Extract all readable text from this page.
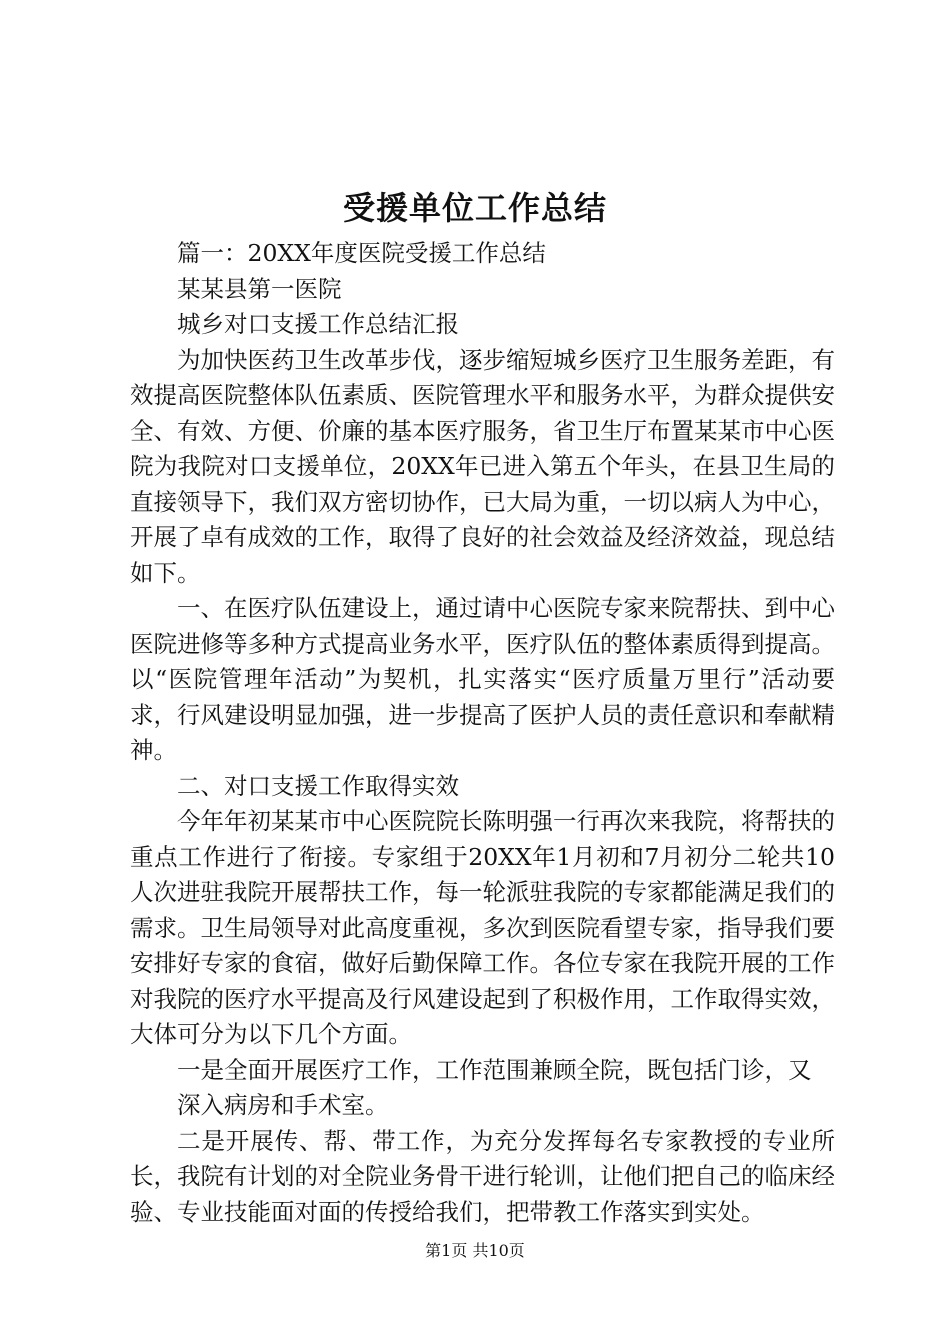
受援单位工作总结

篇一：20XX年度医院受援工作总结

某某县第一医院

城乡对口支援工作总结汇报

为加快医药卫生改革步伐，逐步缩短城乡医疗卫生服务差距，有效提高医院整体队伍素质、医院管理水平和服务水平，为群众提供安全、有效、方便、价廉的基本医疗服务，省卫生厅布置某某市中心医院为我院对口支援单位，20XX年已进入第五个年头，在县卫生局的直接领导下，我们双方密切协作，已大局为重，一切以病人为中心，开展了卓有成效的工作，取得了良好的社会效益及经济效益，现总结如下。

一、在医疗队伍建设上，通过请中心医院专家来院帮扶、到中心医院进修等多种方式提高业务水平，医疗队伍的整体素质得到提高。以“医院管理年活动”为契机，扎实落实“医疗质量万里行”活动要求，行风建设明显加强，进一步提高了医护人员的责任意识和奉献精神。

二、对口支援工作取得实效

今年年初某某市中心医院院长陈明强一行再次来我院，将帮扶的重点工作进行了衔接。专家组于20XX年1月初和7月初分二轮共10人次进驻我院开展帮扶工作，每一轮派驻我院的专家都能满足我们的需求。卫生局领导对此高度重视，多次到医院看望专家，指导我们要安排好专家的食宿，做好后勤保障工作。各位专家在我院开展的工作对我院的医疗水平提高及行风建设起到了积极作用，工作取得实效，大体可分为以下几个方面。

一是全面开展医疗工作，工作范围兼顾全院，既包括门诊，又

深入病房和手术室。

二是开展传、帮、带工作，为充分发挥每名专家教授的专业所长，我院有计划的对全院业务骨干进行轮训，让他们把自己的临床经验、专业技能面对面的传授给我们，把带教工作落实到实处。

第1页 共10页
